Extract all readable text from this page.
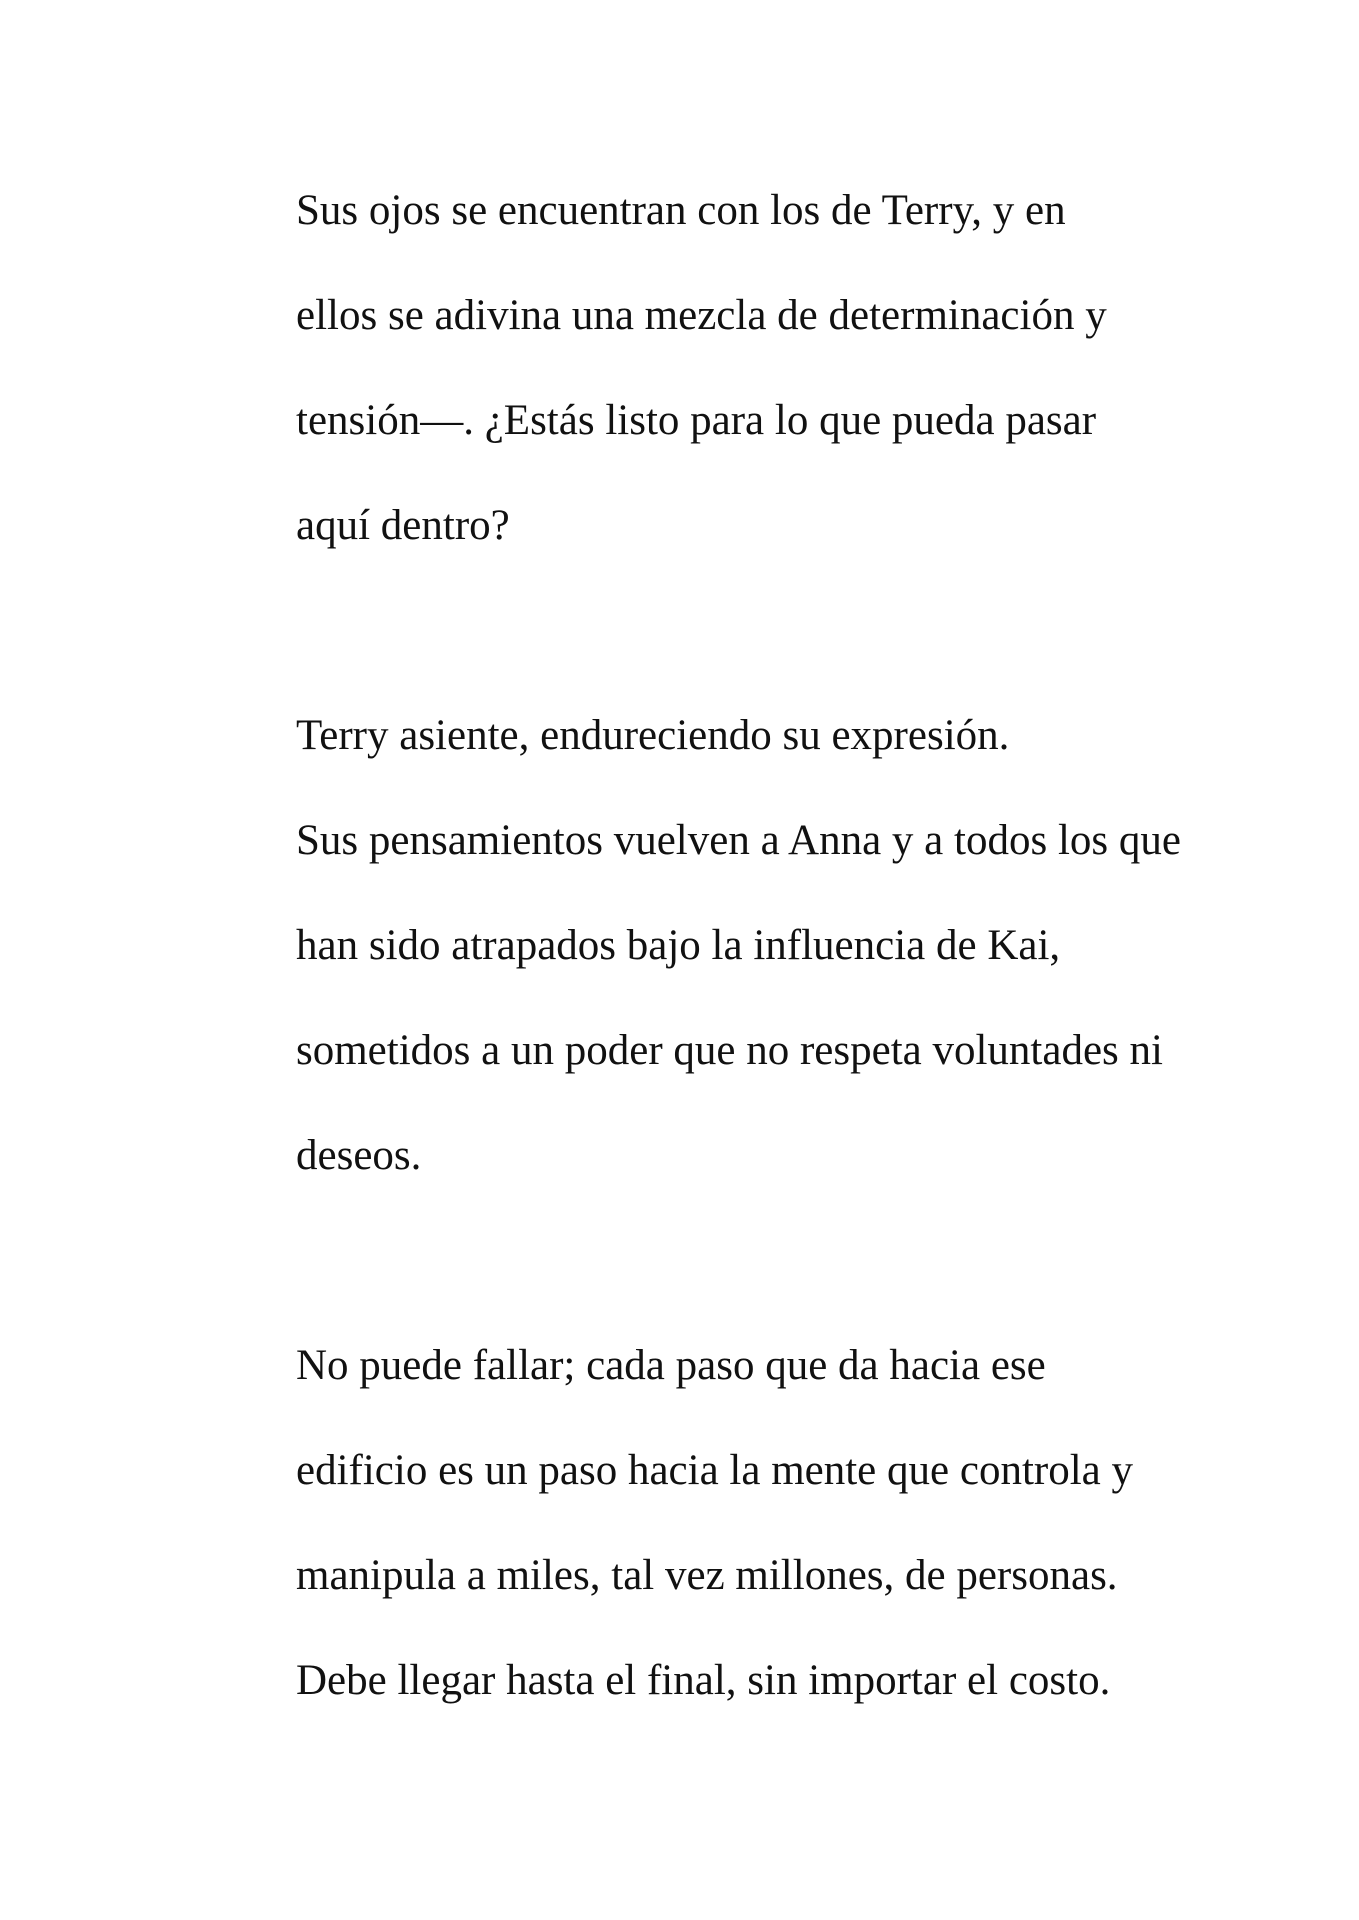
Sus ojos se encuentran con los de Terry, y en
ellos se adivina una mezcla de determinación y
tensión—. ¿Estás listo para lo que pueda pasar
aquí dentro?

Terry asiente, endureciendo su expresión.
Sus pensamientos vuelven a Anna y a todos los que
han sido atrapados bajo la influencia de Kai,
sometidos a un poder que no respeta voluntades ni
deseos.

No puede fallar; cada paso que da hacia ese
edificio es un paso hacia la mente que controla y
manipula a miles, tal vez millones, de personas.
Debe llegar hasta el final, sin importar el costo.
